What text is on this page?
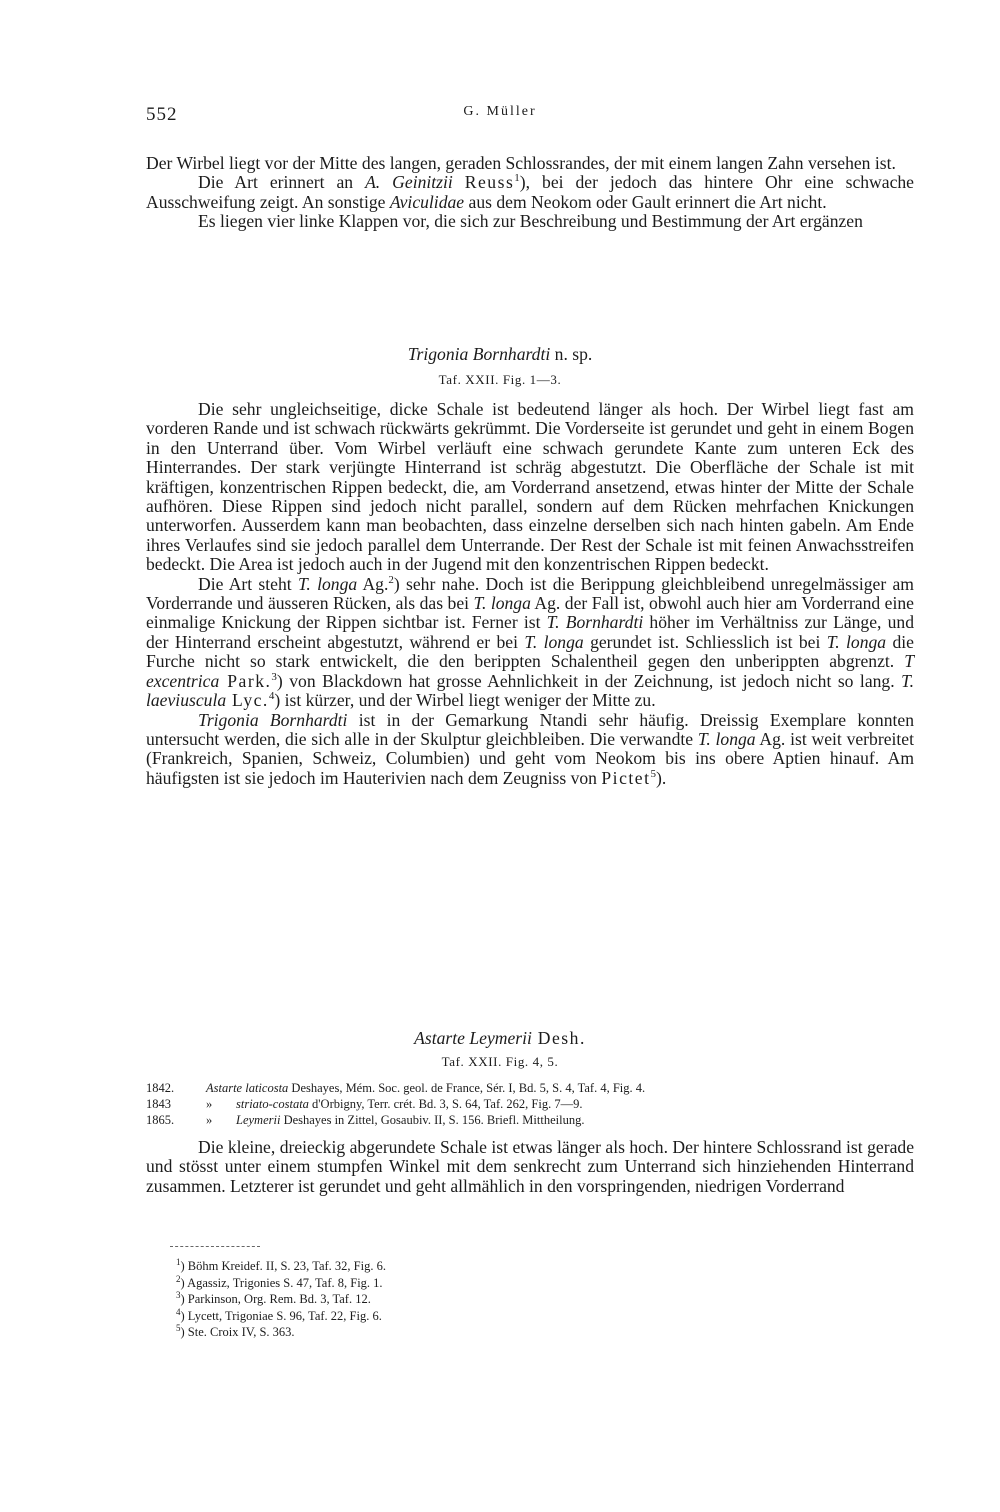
552	G. Müller

Der Wirbel liegt vor der Mitte des langen, geraden Schlossrandes, der mit einem langen Zahn versehen ist.

Die Art erinnert an A. Geinitzii Reuss$^1$), bei der jedoch das hintere Ohr eine schwache Ausschweifung zeigt. An sonstige Aviculidae aus dem Neokom oder Gault erinnert die Art nicht.

Es liegen vier linke Klappen vor, die sich zur Beschreibung und Bestimmung der Art ergänzen

Trigonia Bornhardti n. sp.
Taf. XXII. Fig. 1—3.

Die sehr ungleichseitige, dicke Schale ist bedeutend länger als hoch. Der Wirbel liegt fast am vorderen Rande und ist schwach rückwärts gekrümmt. Die Vorderseite ist gerundet und geht in einem Bogen in den Unterrand über. Vom Wirbel verläuft eine schwach gerundete Kante zum unteren Eck des Hinterrandes. Der stark verjüngte Hinterrand ist schräg abgestutzt. Die Oberfläche der Schale ist mit kräftigen, konzentrischen Rippen bedeckt, die, am Vorderrand ansetzend, etwas hinter der Mitte der Schale aufhören. Diese Rippen sind jedoch nicht parallel, sondern auf dem Rücken mehrfachen Knickungen unterworfen. Ausserdem kann man beobachten, dass einzelne derselben sich nach hinten gabeln. Am Ende ihres Verlaufes sind sie jedoch parallel dem Unterrande. Der Rest der Schale ist mit feinen Anwachsstreifen bedeckt. Die Area ist jedoch auch in der Jugend mit den konzentrischen Rippen bedeckt.

Die Art steht T. longa Ag.$^2$) sehr nahe. Doch ist die Berippung gleichbleibend unregelmässiger am Vorderrande und äusseren Rücken, als das bei T. longa Ag. der Fall ist, obwohl auch hier am Vorderrand eine einmalige Knickung der Rippen sichtbar ist. Ferner ist T. Bornhardti höher im Verhältniss zur Länge, und der Hinterrand erscheint abgestutzt, während er bei T. longa gerundet ist. Schliesslich ist bei T. longa die Furche nicht so stark entwickelt, die den berippten Schalentheil gegen den unberippten abgrenzt. T excentrica Park.$^3$) von Blackdown hat grosse Aehnlichkeit in der Zeichnung, ist jedoch nicht so lang. T. laeviuscula Lyc.$^4$) ist kürzer, und der Wirbel liegt weniger der Mitte zu.

Trigonia Bornhardti ist in der Gemarkung Ntandi sehr häufig. Dreissig Exemplare konnten untersucht werden, die sich alle in der Skulptur gleichbleiben. Die verwandte T. longa Ag. ist weit verbreitet (Frankreich, Spanien, Schweiz, Columbien) und geht vom Neokom bis ins obere Aptien hinauf. Am häufigsten ist sie jedoch im Hauterivien nach dem Zeugniss von Pictet$^5$).

Astarte Leymerii Desh.
Taf. XXII. Fig. 4, 5.
1842.	Astarte laticosta Deshayes, Mém. Soc. geol. de France, Sér. I, Bd. 5, S. 4, Taf. 4, Fig. 4.
1843	» striato-costata d'Orbigny, Terr. crét. Bd. 3, S. 64, Taf. 262, Fig. 7—9.
1865.	» Leymerii Deshayes in Zittel, Gosaubiv. II, S. 156. Briefl. Mittheilung.

Die kleine, dreieckig abgerundete Schale ist etwas länger als hoch. Der hintere Schlossrand ist gerade und stösst unter einem stumpfen Winkel mit dem senkrecht zum Unterrand sich hinziehenden Hinterrand zusammen. Letzterer ist gerundet und geht allmählich in den vorspringenden, niedrigen Vorderrand

$^1$) Böhm Kreidef. II, S. 23, Taf. 32, Fig. 6.
$^2$) Agassiz, Trigonies S. 47, Taf. 8, Fig. 1.
$^3$) Parkinson, Org. Rem. Bd. 3, Taf. 12.
$^4$) Lycett, Trigoniae S. 96, Taf. 22, Fig. 6.
$^5$) Ste. Croix IV, S. 363.
